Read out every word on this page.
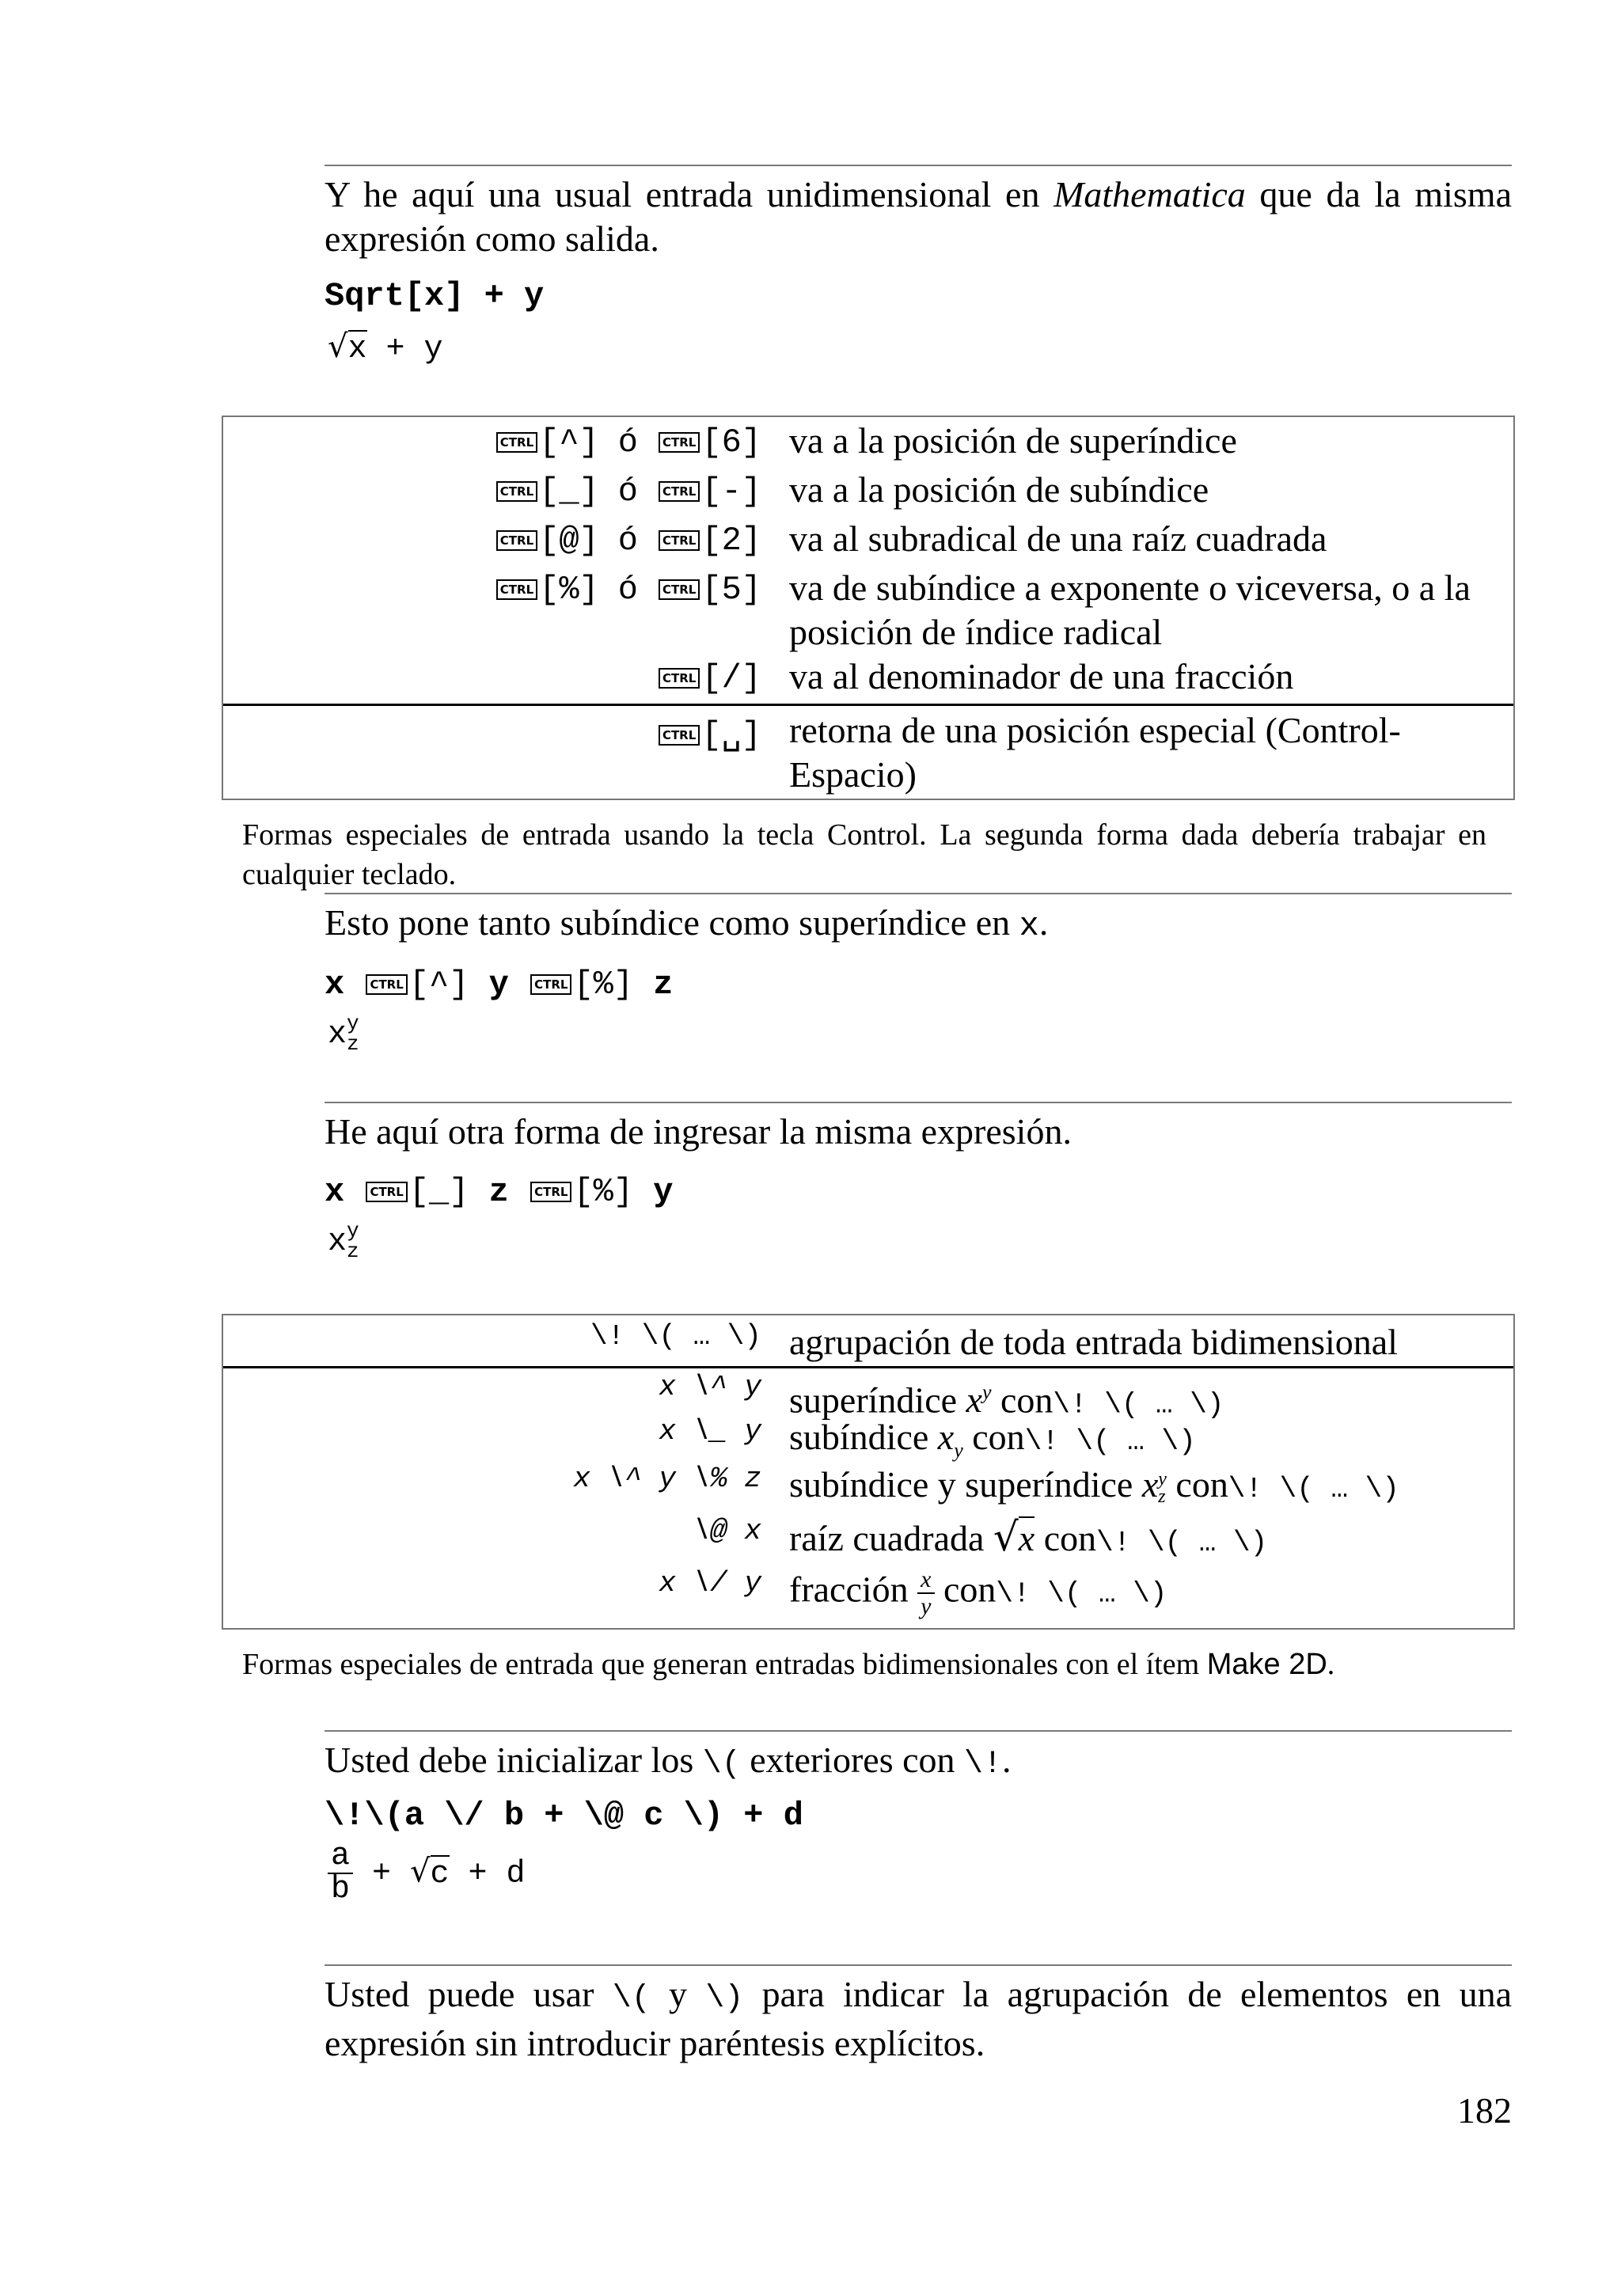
Y he aquí una usual entrada unidimensional en Mathematica que da la misma expresión como salida.
Sqrt[x] + y
√x + y
CTRL [^] ó CTRL [6] va a la posición de superíndice
CTRL [_] ó CTRL [-] va a la posición de subíndice
CTRL [@] ó CTRL [2] va al subradical de una raíz cuadrada
CTRL [%] ó CTRL [5] va de subíndice a exponente o viceversa, o a la posición de índice radical
CTRL [/] va al denominador de una fracción
CTRL [␣] retorna de una posición especial (Control-Espacio)
Formas especiales de entrada usando la tecla Control. La segunda forma dada debería trabajar en cualquier teclado.
Esto pone tanto subíndice como superíndice en x.
x CTRL [^] y CTRL [%] z
x y
z
He aquí otra forma de ingresar la misma expresión.
x CTRL [_] z CTRL [%] y
x y
z
\! \( … \) agrupación de toda entrada bidimensional
x \^ y superíndice $x^y$ con\! \( … \)
x \_ y subíndice $x_y$ con\! \( … \)
x \^ y \% z subíndice y superíndice x y
z con\! \( … \)
\@ x raíz cuadrada √x con\! \( … \)
x \/ y fracción $\frac{x}{y}$ con\! \( … \)
Formas especiales de entrada que generan entradas bidimensionales con el ítem Make 2D.
Usted debe inicializar los \( exteriores con \!.
\!\(a \/ b + \@ c \) + d
$\frac{a}{b} + √c + d$
Usted puede usar \( y \) para indicar la agrupación de elementos en una expresión sin introducir paréntesis explícitos.
182
